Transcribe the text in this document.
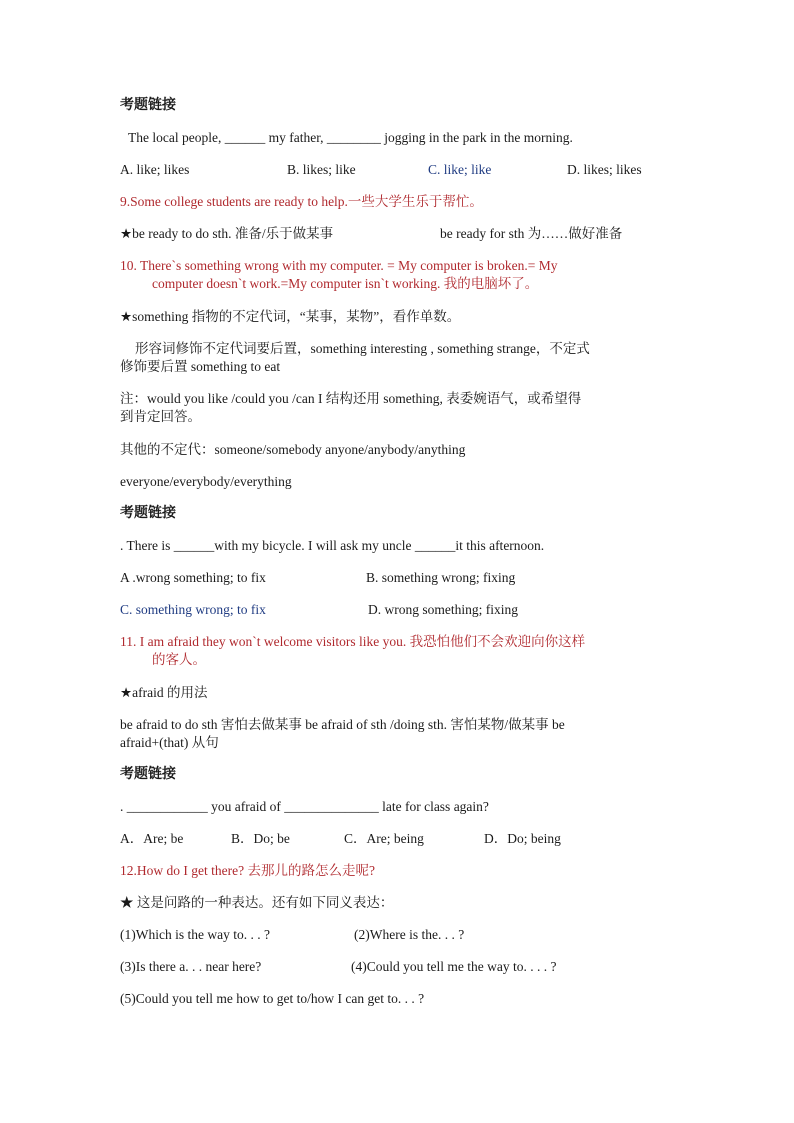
考题链接
The local people, ______ my father, ________ jogging in the park in the morning.
A. like; likes	B. likes; like	C. like; like	D. likes; likes
9.Some college students are ready to help.一些大学生乐于帮忙。
★be ready to do sth. 准备/乐于做某事	be ready for sth 为……做好准备
10. There`s something wrong with my computer. = My computer is broken.= My
computer doesn`t work.=My computer isn`t working. 我的电脑坏了。
★something 指物的不定代词，“某事，某物”，看作单数。
形容词修饰不定代词要后置，something interesting , something strange，不定式
修饰要后置 something to eat
注：would you like /could you /can I 结构还用 something, 表委婉语气，或希望得
到肯定回答。
其他的不定代：someone/somebody anyone/anybody/anything
everyone/everybody/everything
考题链接
. There is ______with my bicycle. I will ask my uncle ______it this afternoon.
A .wrong something; to fix	B. something wrong; fixing
C. something wrong; to fix	D. wrong something; fixing
11. I am afraid they won`t welcome visitors like you. 我恐怕他们不会欢迎向你这样
的客人。
★afraid 的用法
be afraid to do sth 害怕去做某事 be afraid of sth /doing sth. 害怕某物/做某事 be
afraid+(that) 从句
考题链接
. ____________ you afraid of ______________ late for class again?
A．Are; be	B．Do; be	C．Are; being	D．Do; being
12.How do I get there? 去那儿的路怎么走呢?
★ 这是问路的一种表达。还有如下同义表达：
(1)Which is the way to. . . ?	(2)Where is the. . . ?
(3)Is there a. . . near here?	(4)Could you tell me the way to. . . . ?
(5)Could you tell me how to get to/how I can get to. . . ?
